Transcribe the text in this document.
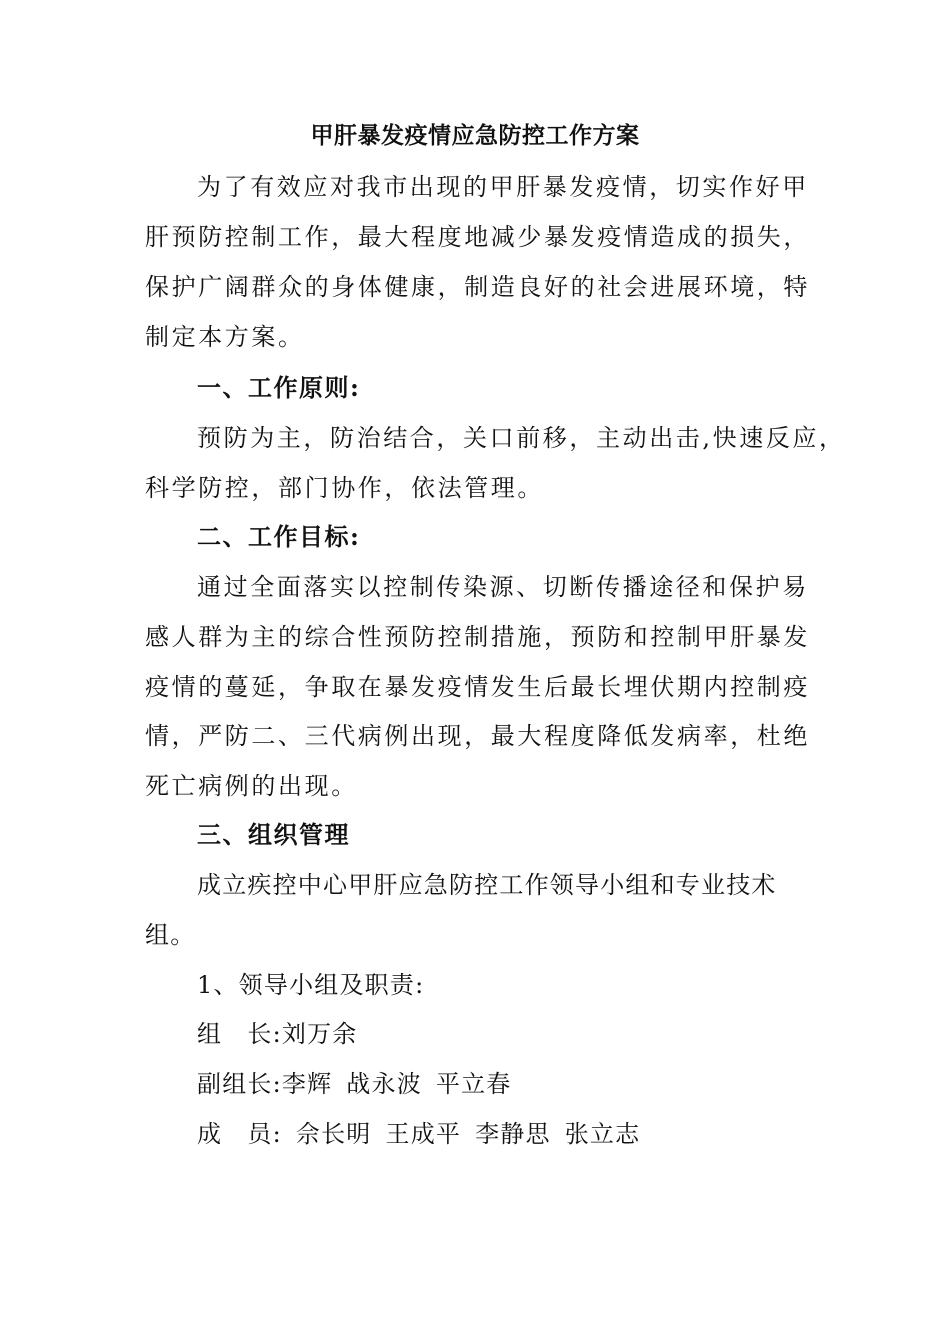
甲肝暴发疫情应急防控工作方案
为了有效应对我市出现的甲肝暴发疫情，切实作好甲
肝预防控制工作，最大程度地减少暴发疫情造成的损失，
保护广阔群众的身体健康，制造良好的社会进展环境，特
制定本方案。
一、工作原则:
预防为主，防治结合，关口前移，主动出击,快速反应，
科学防控，部门协作，依法管理。
二、工作目标:
通过全面落实以控制传染源、切断传播途径和保护易
感人群为主的综合性预防控制措施，预防和控制甲肝暴发
疫情的蔓延，争取在暴发疫情发生后最长埋伏期内控制疫
情，严防二、三代病例出现，最大程度降低发病率，杜绝
死亡病例的出现。
三、组织管理
成立疾控中心甲肝应急防控工作领导小组和专业技术
组。
1、领导小组及职责:
组　长:刘万余
副组长:李辉 战永波 平立春
成　员: 佘长明 王成平 李静思 张立志
